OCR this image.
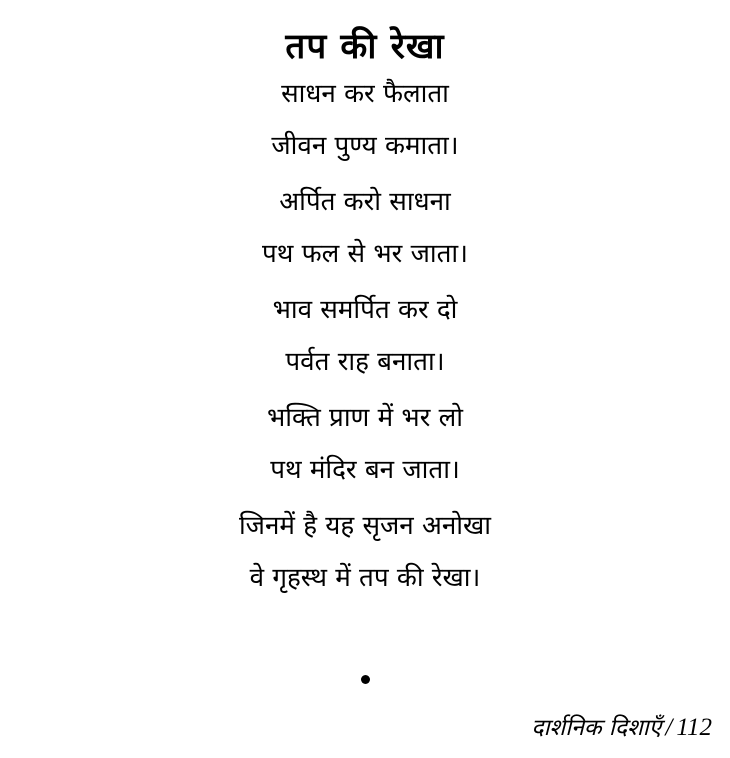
तप की रेखा
साधन कर फैलाता
जीवन पुण्य कमाता।
अर्पित करो साधना
पथ फल से भर जाता।
भाव समर्पित कर दो
पर्वत राह बनाता।
भक्ति प्राण में भर लो
पथ मंदिर बन जाता।
जिनमें है यह सृजन अनोखा
वे गृहस्थ में तप की रेखा।
दार्शनिक दिशाएँ / 112
